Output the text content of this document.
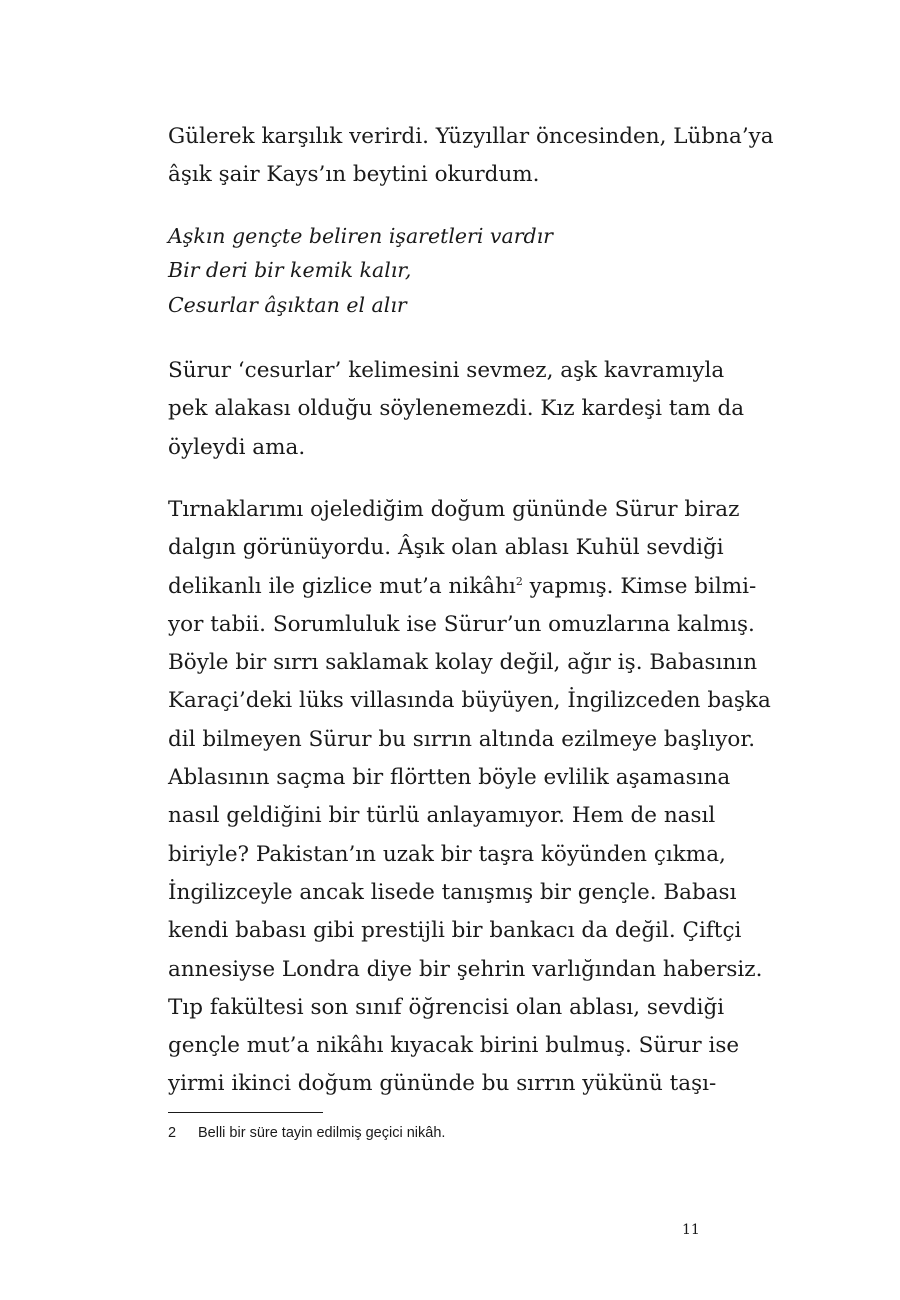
Gülerek karşılık verirdi. Yüzyıllar öncesinden, Lübna’ya
âşık şair Kays’ın beytini okurdum.

Aşkın gençte beliren işaretleri vardır
Bir deri bir kemik kalır,
Cesurlar âşıktan el alır

Sürur ‘cesurlar’ kelimesini sevmez, aşk kavramıyla
pek alakası olduğu söylenemezdi. Kız kardeşi tam da
öyleydi ama.

Tırnaklarımı ojelediğim doğum gününde Sürur biraz
dalgın görünüyordu. Âşık olan ablası Kuhül sevdiği
delikanlı ile gizlice mut’a nikâhı$^2$ yapmış. Kimse bilmi-
yor tabii. Sorumluluk ise Sürur’un omuzlarına kalmış.
Böyle bir sırrı saklamak kolay değil, ağır iş. Babasının
Karaçi’deki lüks villasında büyüyen, İngilizceden başka
dil bilmeyen Sürur bu sırrın altında ezilmeye başlıyor.
Ablasının saçma bir flörtten böyle evlilik aşamasına
nasıl geldiğini bir türlü anlayamıyor. Hem de nasıl
biriyle? Pakistan’ın uzak bir taşra köyünden çıkma,
İngilizceyle ancak lisede tanışmış bir gençle. Babası
kendi babası gibi prestijli bir bankacı da değil. Çiftçi
annesiyse Londra diye bir şehrin varlığından habersiz.
Tıp fakültesi son sınıf öğrencisi olan ablası, sevdiği
gençle mut’a nikâhı kıyacak birini bulmuş. Sürur ise
yirmi ikinci doğum gününde bu sırrın yükünü taşı-

2 Belli bir süre tayin edilmiş geçici nikâh.
11
